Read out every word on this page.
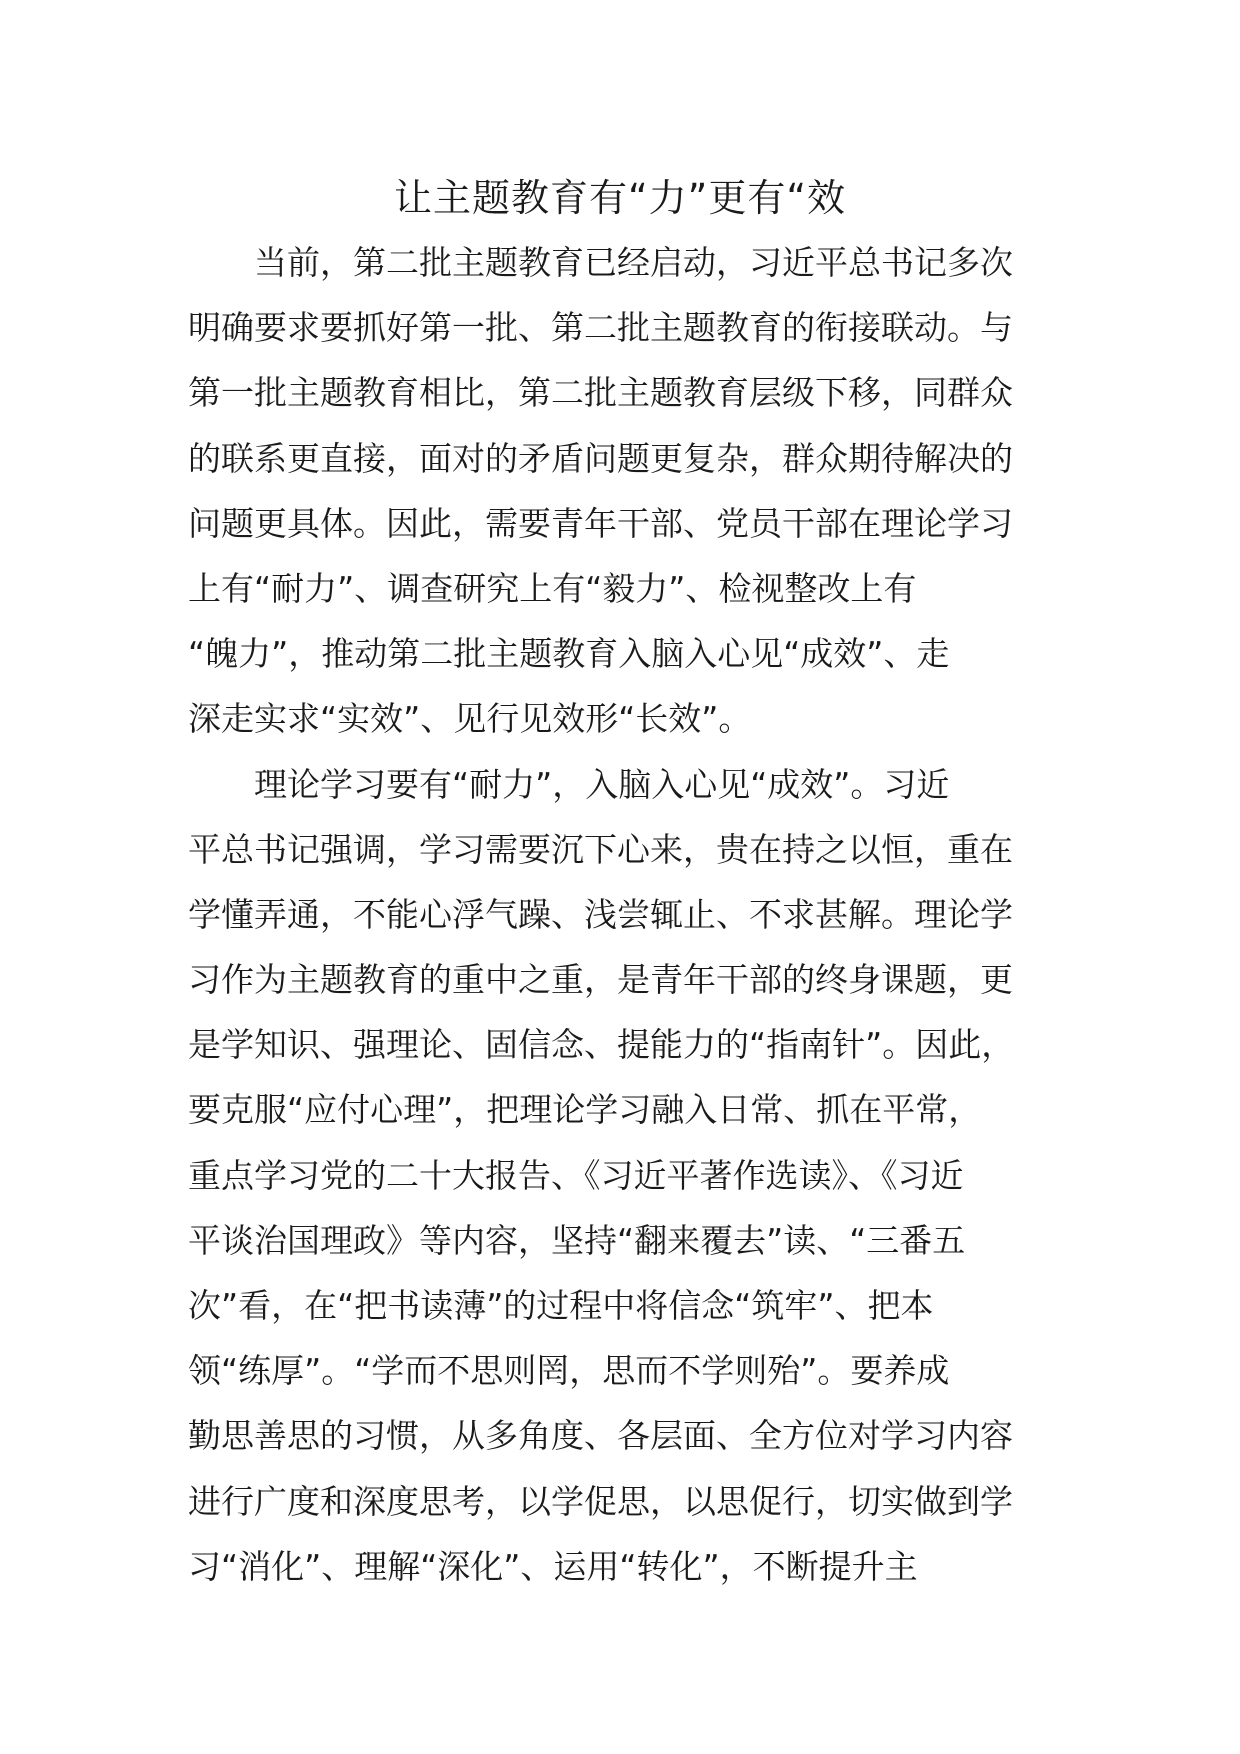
让主题教育有“力”更有“效
当前，第二批主题教育已经启动，习近平总书记多次
明确要求要抓好第一批、第二批主题教育的衔接联动。与
第一批主题教育相比，第二批主题教育层级下移，同群众
的联系更直接，面对的矛盾问题更复杂，群众期待解决的
问题更具体。因此，需要青年干部、党员干部在理论学习
上有“耐力”、调查研究上有“毅力”、检视整改上有
“魄力”，推动第二批主题教育入脑入心见“成效”、走
深走实求“实效”、见行见效形“长效”。
理论学习要有“耐力”，入脑入心见“成效”。习近
平总书记强调，学习需要沉下心来，贵在持之以恒，重在
学懂弄通，不能心浮气躁、浅尝辄止、不求甚解。理论学
习作为主题教育的重中之重，是青年干部的终身课题，更
是学知识、强理论、固信念、提能力的“指南针”。因此，
要克服“应付心理”，把理论学习融入日常、抓在平常，
重点学习党的二十大报告、《习近平著作选读》、《习近
平谈治国理政》等内容，坚持“翻来覆去”读、“三番五
次”看，在“把书读薄”的过程中将信念“筑牢”、把本
领“练厚”。“学而不思则罔，思而不学则殆”。要养成
勤思善思的习惯，从多角度、各层面、全方位对学习内容
进行广度和深度思考，以学促思，以思促行，切实做到学
习“消化”、理解“深化”、运用“转化”，不断提升主
